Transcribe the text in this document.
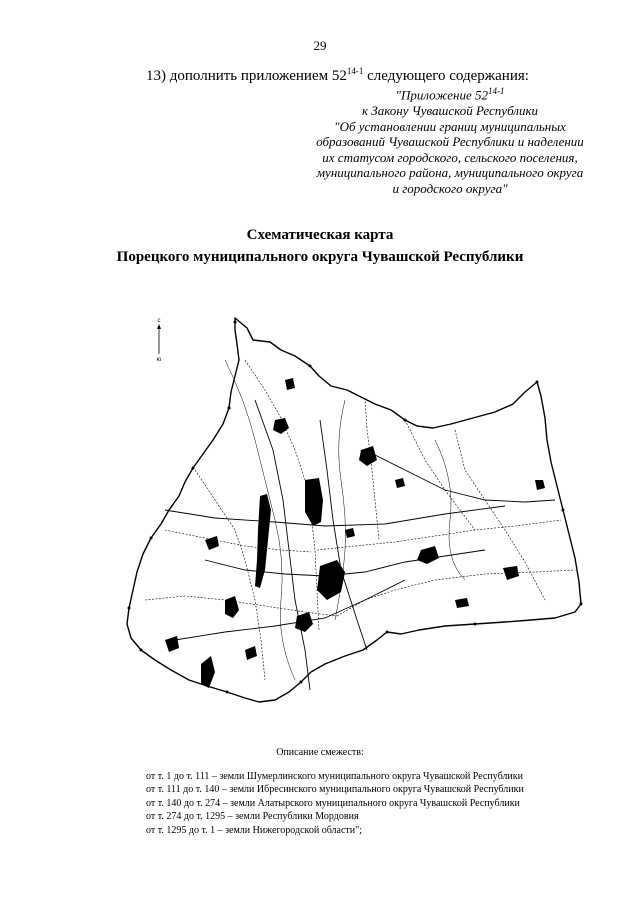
29
13) дополнить приложением 52$^{14-1}$ следующего содержания:
"Приложение 52$^{14-1}$
к Закону Чувашской Республики
"Об установлении границ муниципальных
образований Чувашской Республики и наделении
их статусом городского, сельского поселения,
муниципального района, муниципального округа
и городского округа"
Схематическая карта
Порецкого муниципального округа Чувашской Республики
с
ю
Описание смежеств:
от т. 1 до т. 111 – земли Шумерлинского муниципального округа Чувашской Республики
от т. 111 до т. 140 – земли Ибресинского муниципального округа Чувашской Республики
от т. 140 до т. 274 – земли Алатырского муниципального округа Чувашской Республики
от т. 274 до т. 1295 – земли Республики Мордовия
от т. 1295 до т. 1 – земли Нижегородской области";
